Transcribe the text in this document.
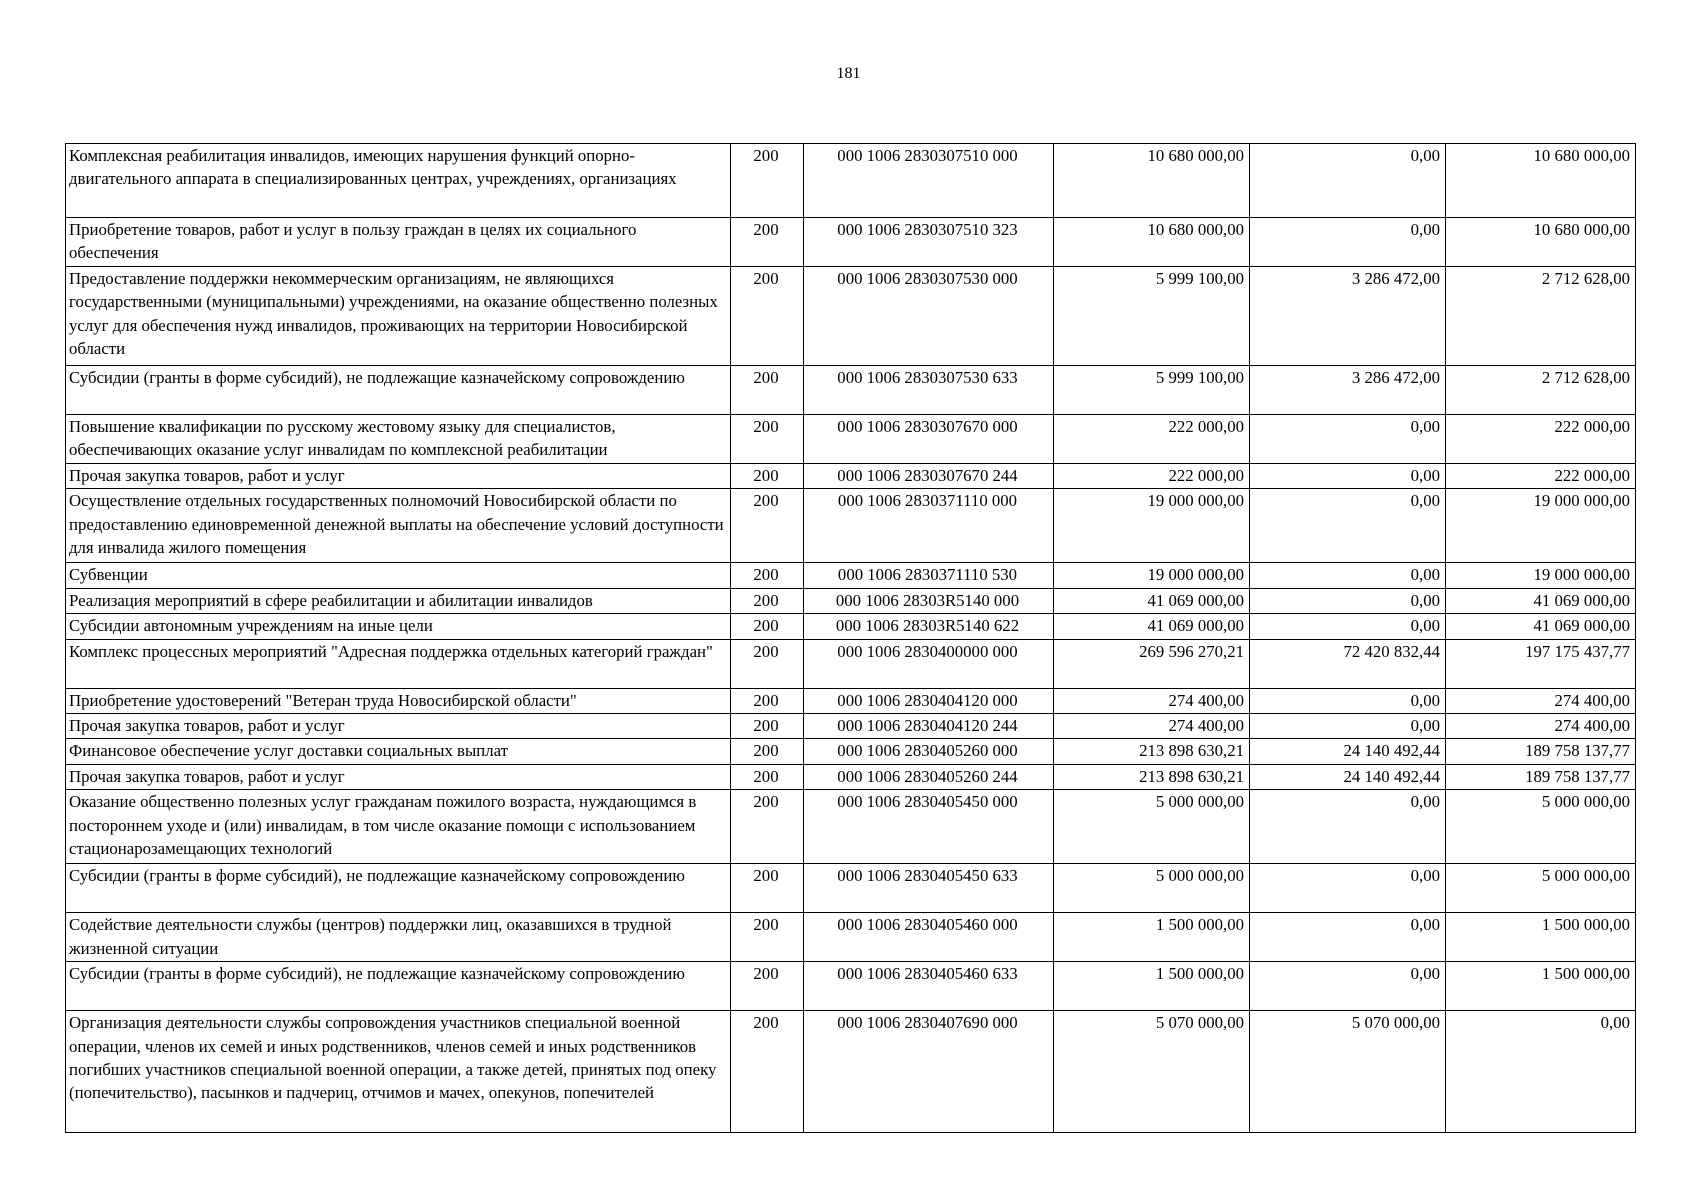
181
Комплексная реабилитация инвалидов, имеющих нарушения функций опорно-двигательного аппарата в специализированных центрах, учреждениях, организациях	200	000 1006 2830307510 000	10 680 000,00	0,00	10 680 000,00
Приобретение товаров, работ и услуг в пользу граждан в целях их социального обеспечения	200	000 1006 2830307510 323	10 680 000,00	0,00	10 680 000,00
Предоставление поддержки некоммерческим организациям, не являющихся государственными (муниципальными) учреждениями, на оказание общественно полезных услуг для обеспечения нужд инвалидов, проживающих на территории Новосибирской области	200	000 1006 2830307530 000	5 999 100,00	3 286 472,00	2 712 628,00
Субсидии (гранты в форме субсидий), не подлежащие казначейскому сопровождению	200	000 1006 2830307530 633	5 999 100,00	3 286 472,00	2 712 628,00
Повышение квалификации по русскому жестовому языку для специалистов, обеспечивающих оказание услуг инвалидам по комплексной реабилитации	200	000 1006 2830307670 000	222 000,00	0,00	222 000,00
Прочая закупка товаров, работ и услуг	200	000 1006 2830307670 244	222 000,00	0,00	222 000,00
Осуществление отдельных государственных полномочий Новосибирской области по предоставлению единовременной денежной выплаты на обеспечение условий доступности для инвалида жилого помещения	200	000 1006 2830371110 000	19 000 000,00	0,00	19 000 000,00
Субвенции	200	000 1006 2830371110 530	19 000 000,00	0,00	19 000 000,00
Реализация мероприятий в сфере реабилитации и абилитации инвалидов	200	000 1006 28303R5140 000	41 069 000,00	0,00	41 069 000,00
Субсидии автономным учреждениям на иные цели	200	000 1006 28303R5140 622	41 069 000,00	0,00	41 069 000,00
Комплекс процессных мероприятий "Адресная поддержка отдельных категорий граждан"	200	000 1006 2830400000 000	269 596 270,21	72 420 832,44	197 175 437,77
Приобретение удостоверений "Ветеран труда Новосибирской области"	200	000 1006 2830404120 000	274 400,00	0,00	274 400,00
Прочая закупка товаров, работ и услуг	200	000 1006 2830404120 244	274 400,00	0,00	274 400,00
Финансовое обеспечение услуг доставки социальных выплат	200	000 1006 2830405260 000	213 898 630,21	24 140 492,44	189 758 137,77
Прочая закупка товаров, работ и услуг	200	000 1006 2830405260 244	213 898 630,21	24 140 492,44	189 758 137,77
Оказание общественно полезных услуг гражданам пожилого возраста, нуждающимся в постороннем уходе и (или) инвалидам, в том числе оказание помощи с использованием стационарозамещающих технологий	200	000 1006 2830405450 000	5 000 000,00	0,00	5 000 000,00
Субсидии (гранты в форме субсидий), не подлежащие казначейскому сопровождению	200	000 1006 2830405450 633	5 000 000,00	0,00	5 000 000,00
Содействие деятельности службы (центров) поддержки лиц, оказавшихся в трудной жизненной ситуации	200	000 1006 2830405460 000	1 500 000,00	0,00	1 500 000,00
Субсидии (гранты в форме субсидий), не подлежащие казначейскому сопровождению	200	000 1006 2830405460 633	1 500 000,00	0,00	1 500 000,00
Организация деятельности службы сопровождения участников специальной военной операции, членов их семей и иных родственников, членов семей и иных родственников погибших участников специальной военной операции, а также детей, принятых под опеку (попечительство), пасынков и падчериц, отчимов и мачех, опекунов, попечителей	200	000 1006 2830407690 000	5 070 000,00	5 070 000,00	0,00
